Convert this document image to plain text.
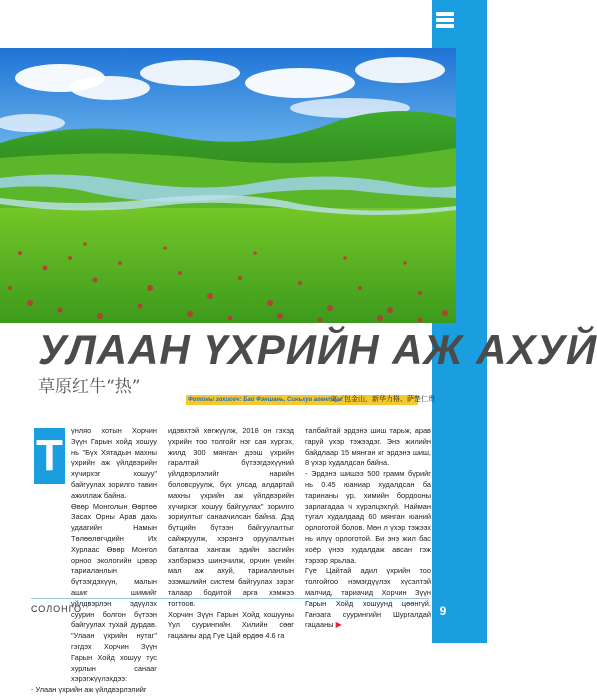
9
УЛААН ҮХРИЙН АЖ АХУЙ
草原红牛“热”
Фотоны зохиогч: Бао Фэншань, Синьхуа агентлаг
文／包金山，新华力格、萨楚仁贵
Т

үнляо хотын Хорчин Зүүн Гарын хойд хошуу нь "Бүх Хятадын махны үхрийн аж үйлдвэрийн хүчирхэг хошуу" байгуулах зорилго тавин ажиллаж байна.

Өвөр Монголын Өөртөө Засах Орны Арав дахь удаагийн Намын Төлөөлөгчдийн Их Хурлаас Өвөр Монгол орноо экологийн цэвэр тариаланлын бүтээгдэхүүн, малын ашиг шимийг үйлдвэрлэн эдүүлэх суурин болгон бүтээн байгуулах тухай дурдав. "Улаан үхрийн нутаг" гэгдэх Хорчин Зүүн Гарын Хойд хошуу тус хурлын санааг хэрэгжүүлэхдээ:

- Улаан үхрийн аж үйлдвэрлэлийг

идэвхтэй хөгжүүлж, 2018 он гэхэд үхрийн тоо толгойг нэг сая хүргэх, жилд 300 мянган дээш үхрийн гаралтай бүтээгдэхүүний үйлдвэрлэлийг нарийн боловсруулж, бүх улсад алдартай махны үхрийн аж үйлдвэрийн хүчирхэг хошуу байгуулах" зорилго зориултыг санаачилсан байна. Дэд бүтцийн бүтээн байгуулалтыг сайжруулж, хэрэнгэ оруулалтын баталгаа хангаж эдийн засгийн хэлбэржээ шинэчилж, орчин үеийн мал аж ахуй, тариаланлын эзэмшлийн систем байгуулах зэрэг талаар бодитой арга хэмжээ тогтоов.

Хорчин Зүүн Гарын Хойд хошууны Үул суурингийн Хилийн сөөг гацааны ард Гүе Цай өрдөө 4.6 га

талбайтай эрдэнэ шиш тарьж, арав гаруй үхэр тэжээдэг. Энэ жилийн байдлаар 15 мянган кг эрдэнэ шиш, 8 үхэр худалдсан байна.

- Эрдэнэ шишээ 500 грамм бүрийг нь 0.45 юаниар худалдсан ба таринаны үр, химийн бордооны зарлагадаа ч хүрэлцэхгүй. Найман тугал худалдаад 60 мянган юаний орлоготой болов. Мөн л үхэр тэжээх нь илүү орлоготой. Би энэ жил бас хоёр үнээ худалдаж авсан гэж тэрээр ярьлаа.

Гүе Цайтай адил үхрийн тоо толгойгоо нэмэгдүүлэх хүсэлтэй малчид, тариачид Хорчин Зүүн Гарын Хойд хошуунд цөөнгүй. Ганзага суурингийн Шургалдай гацааны ▶

СОЛОНГО
